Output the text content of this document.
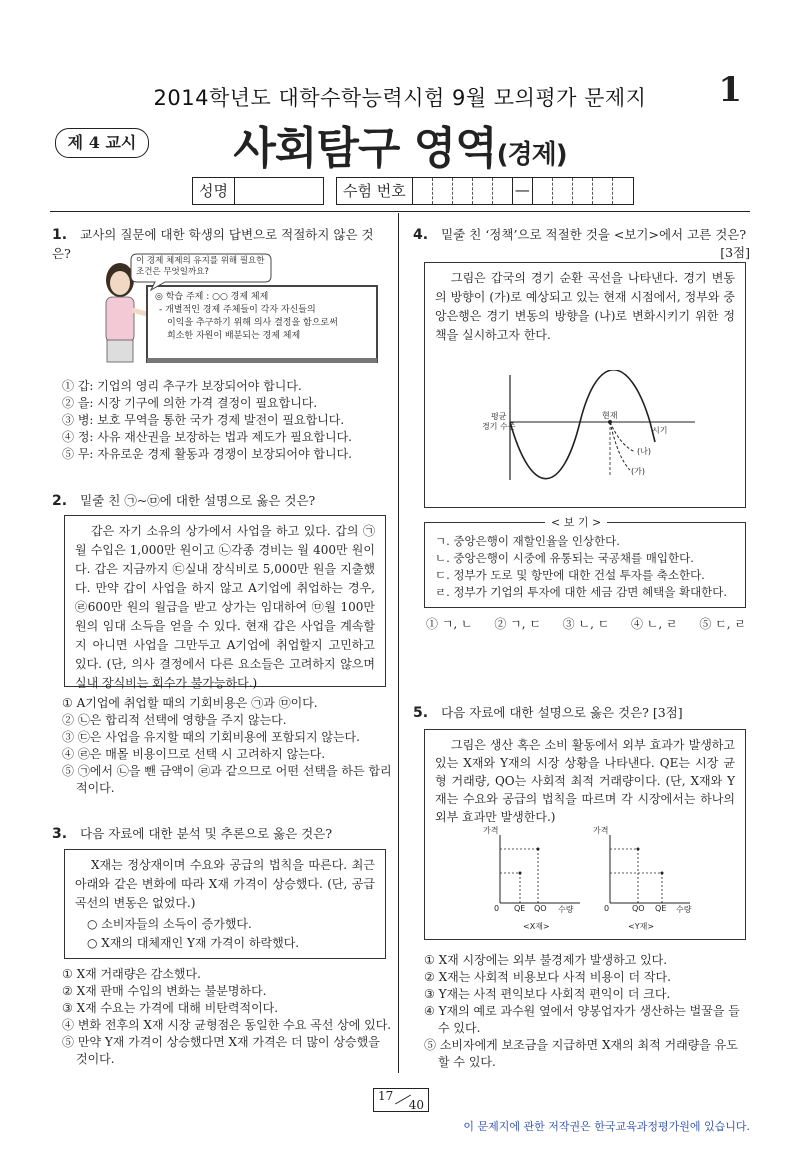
2014학년도 대학수학능력시험 9월 모의평가 문제지	1
제 4 교시	사회탐구 영역(경제)
성명	수험 번호	—
1. 교사의 질문에 대한 학생의 답변으로 적절하지 않은 것은?	이 경제 체제의 유지를 위해 필요한 조건은 무엇일까요?
◎ 학습 주제 : ○○ 경제 체제
- 개별적인 경제 주체들이 각자 자신들의
이익을 추구하기 위해 의사 결정을 함으로써
희소한 자원이 배분되는 경제 체제
① 갑: 기업의 영리 추구가 보장되어야 합니다.
② 을: 시장 기구에 의한 가격 결정이 필요합니다.
③ 병: 보호 무역을 통한 국가 경제 발전이 필요합니다.
④ 정: 사유 재산권을 보장하는 법과 제도가 필요합니다.
⑤ 무: 자유로운 경제 활동과 경쟁이 보장되어야 합니다.
2. 밑줄 친 ㉠~㉤에 대한 설명으로 옳은 것은?
갑은 자기 소유의 상가에서 사업을 하고 있다. 갑의 ㉠월 수입은 1,000만 원이고 ㉡각종 경비는 월 400만 원이다. 갑은 지금까지 ㉢실내 장식비로 5,000만 원을 지출했다. 만약 갑이 사업을 하지 않고 A기업에 취업하는 경우, ㉣600만 원의 월급을 받고 상가는 임대하여 ㉤월 100만 원의 임대 소득을 얻을 수 있다. 현재 갑은 사업을 계속할지 아니면 사업을 그만두고 A기업에 취업할지 고민하고 있다. (단, 의사 결정에서 다른 요소들은 고려하지 않으며 실내 장식비는 회수가 불가능하다.)
① A기업에 취업할 때의 기회비용은 ㉠과 ㉤이다.
② ㉡은 합리적 선택에 영향을 주지 않는다.
③ ㉢은 사업을 유지할 때의 기회비용에 포함되지 않는다.
④ ㉣은 매몰 비용이므로 선택 시 고려하지 않는다.
⑤ ㉠에서 ㉡을 뺀 금액이 ㉣과 같으므로 어떤 선택을 하든 합리적이다.
3. 다음 자료에 대한 분석 및 추론으로 옳은 것은?
X재는 정상재이며 수요와 공급의 법칙을 따른다. 최근 아래와 같은 변화에 따라 X재 가격이 상승했다. (단, 공급 곡선의 변동은 없었다.)
○ 소비자들의 소득이 증가했다.
○ X재의 대체재인 Y재 가격이 하락했다.
① X재 거래량은 감소했다.
② X재 판매 수입의 변화는 불분명하다.
③ X재 수요는 가격에 대해 비탄력적이다.
④ 변화 전후의 X재 시장 균형점은 동일한 수요 곡선 상에 있다.
⑤ 만약 Y재 가격이 상승했다면 X재 가격은 더 많이 상승했을 것이다.
4. 밑줄 친 ‘정책’으로 적절한 것을 <보기>에서 고른 것은?
[3점]
그림은 갑국의 경기 순환 곡선을 나타낸다. 경기 변동의 방향이 (가)로 예상되고 있는 현재 시점에서, 정부와 중앙은행은 경기 변동의 방향을 (나)로 변화시키기 위한 정책을 실시하고자 한다.
평균
경기 수준
현재
시기
(나)
(가)
< 보 기 >
ㄱ. 중앙은행이 재할인율을 인상한다.
ㄴ. 중앙은행이 시중에 유통되는 국공채를 매입한다.
ㄷ. 정부가 도로 및 항만에 대한 건설 투자를 축소한다.
ㄹ. 정부가 기업의 투자에 대한 세금 감면 혜택을 확대한다.
① ㄱ, ㄴ ② ㄱ, ㄷ ③ ㄴ, ㄷ ④ ㄴ, ㄹ ⑤ ㄷ, ㄹ
5. 다음 자료에 대한 설명으로 옳은 것은? [3점]
그림은 생산 혹은 소비 활동에서 외부 효과가 발생하고 있는 X재와 Y재의 시장 상황을 나타낸다. QE는 시장 균형 거래량, QO는 사회적 최적 거래량이다. (단, X재와 Y재는 수요와 공급의 법칙을 따르며 각 시장에서는 하나의 외부 효과만 발생한다.)
가격
0 QE QO 수량
<X재>
가격
0	QO QE 수량
<Y재>
① X재 시장에는 외부 불경제가 발생하고 있다.
② X재는 사회적 비용보다 사적 비용이 더 작다.
③ Y재는 사적 편익보다 사회적 편익이 더 크다.
④ Y재의 예로 과수원 옆에서 양봉업자가 생산하는 벌꿀을 들 수 있다.
⑤ 소비자에게 보조금을 지급하면 X재의 최적 거래량을 유도할 수 있다.
17
40
이 문제지에 관한 저작권은 한국교육과정평가원에 있습니다.
